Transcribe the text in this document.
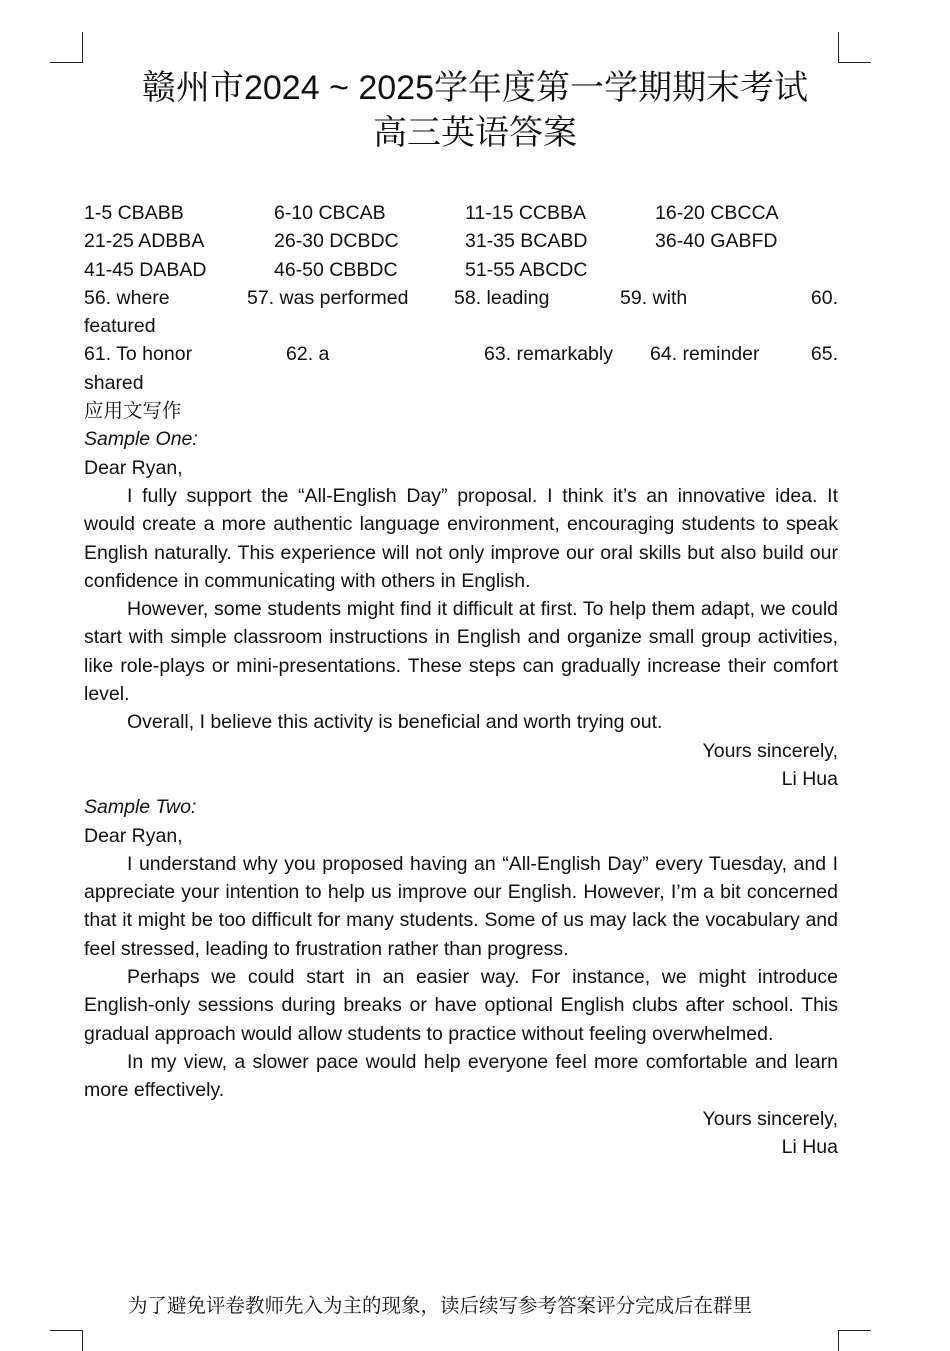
赣州市2024 ~ 2025学年度第一学期期末考试
高三英语答案
1-5 CBABB	6-10 CBCAB	11-15 CCBBA	16-20 CBCCA
21-25 ADBBA	26-30 DCBDC	31-35 BCABD	36-40 GABFD
41-45 DABAD	46-50 CBBDC	51-55 ABCDC
56. where	57. was performed 58. leading	59. with	60.
featured
61. To honor	62. a	63. remarkably 64. reminder	65.
shared
应用文写作
Sample One:
Dear Ryan,
I fully support the “All-English Day” proposal. I think it’s an innovative idea. It would create a more authentic language environment, encouraging students to speak English naturally. This experience will not only improve our oral skills but also build our confidence in communicating with others in English.
However, some students might find it difficult at first. To help them adapt, we could start with simple classroom instructions in English and organize small group activities, like role-plays or mini-presentations. These steps can gradually increase their comfort level.
Overall, I believe this activity is beneficial and worth trying out.
Yours sincerely,
Li Hua
Sample Two:
Dear Ryan,
I understand why you proposed having an “All-English Day” every Tuesday, and I appreciate your intention to help us improve our English. However, I’m a bit concerned that it might be too difficult for many students. Some of us may lack the vocabulary and feel stressed, leading to frustration rather than progress.
Perhaps we could start in an easier way. For instance, we might introduce English-only sessions during breaks or have optional English clubs after school. This gradual approach would allow students to practice without feeling overwhelmed.
In my view, a slower pace would help everyone feel more comfortable and learn more effectively.
Yours sincerely,
Li Hua
为了避免评卷教师先入为主的现象，读后续写参考答案评分完成后在群里
